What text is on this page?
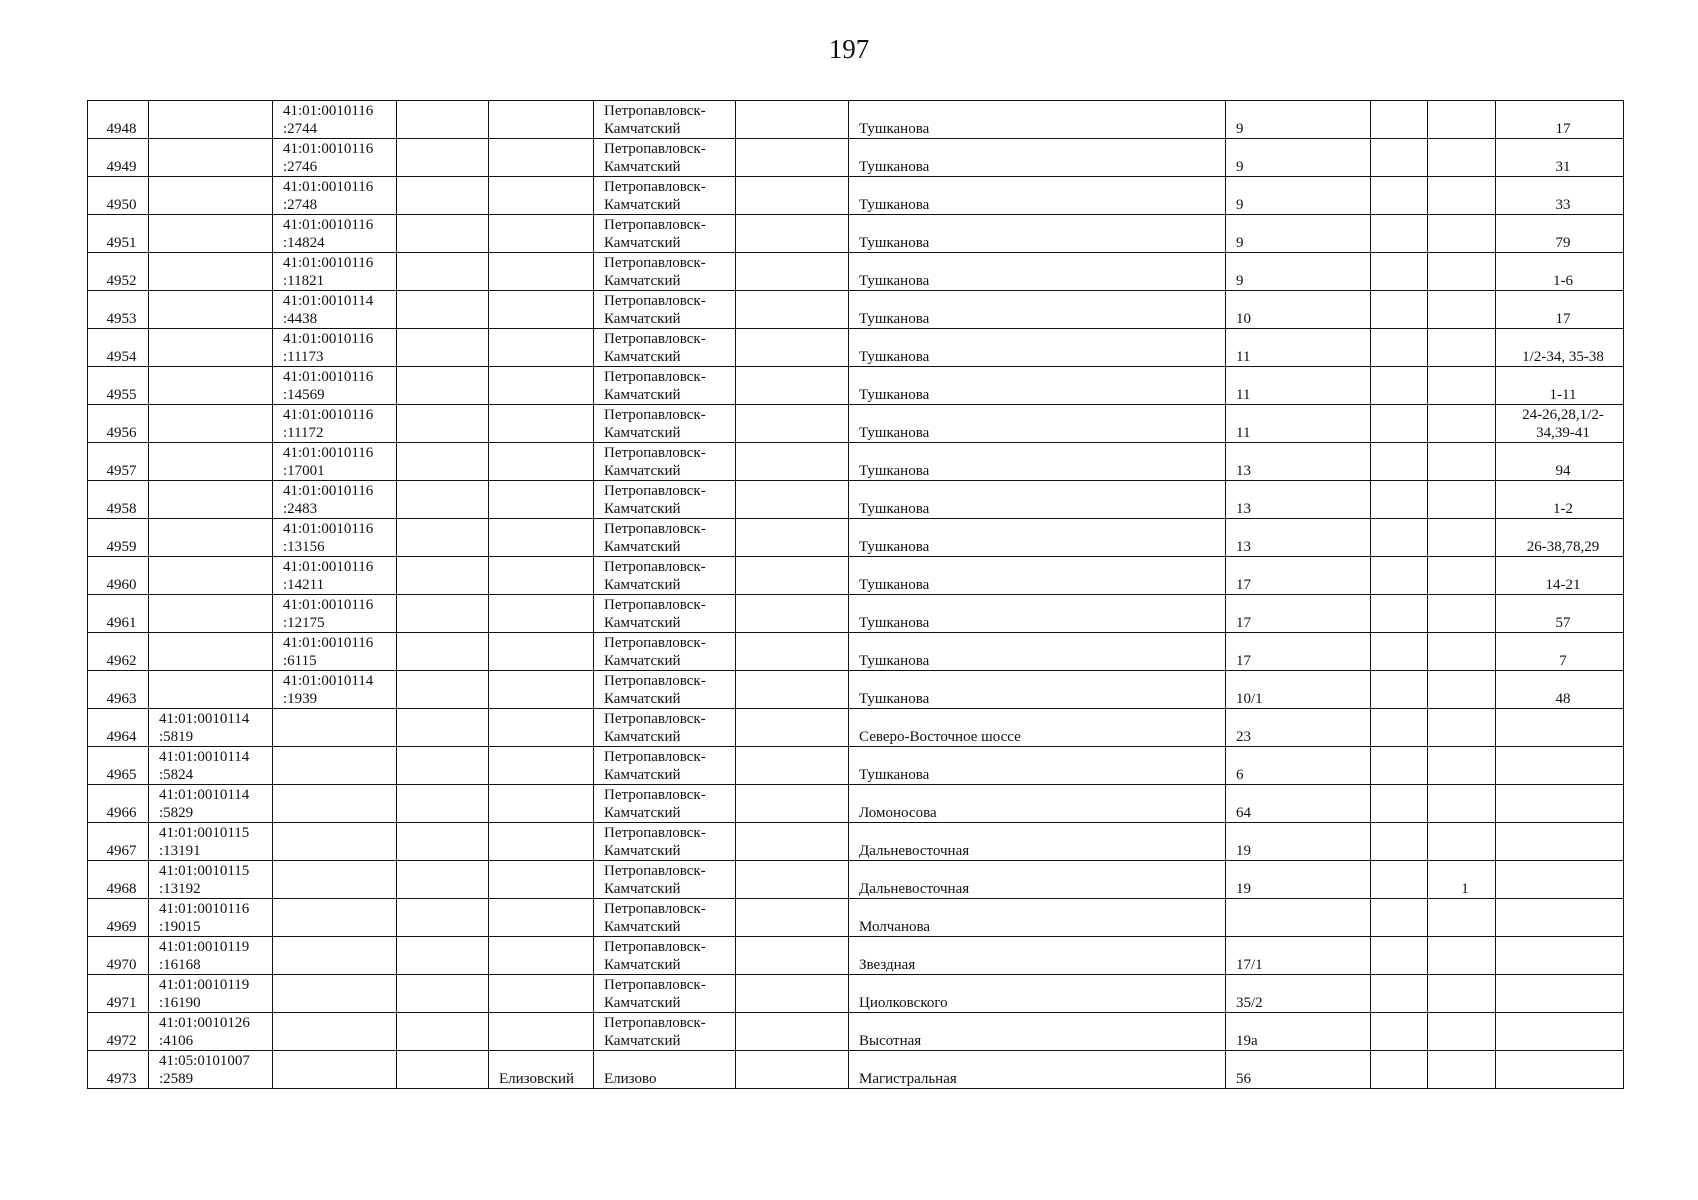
197
4948		41:01:0010116
:2744			Петропавловск-
Камчатский		Тушканова	9			17

4949		41:01:0010116
:2746			Петропавловск-
Камчатский		Тушканова	9			31

4950		41:01:0010116
:2748			Петропавловск-
Камчатский		Тушканова	9			33

4951		41:01:0010116
:14824			Петропавловск-
Камчатский		Тушканова	9			79

4952		41:01:0010116
:11821			Петропавловск-
Камчатский		Тушканова	9			1-6

4953		41:01:0010114
:4438			Петропавловск-
Камчатский		Тушканова	10			17

4954		41:01:0010116
:11173			Петропавловск-
Камчатский		Тушканова	11			1/2-34, 35-38

4955		41:01:0010116
:14569			Петропавловск-
Камчатский		Тушканова	11			1-11

4956		41:01:0010116
:11172			Петропавловск-
Камчатский		Тушканова	11			24-26,28,1/2-
34,39-41

4957		41:01:0010116
:17001			Петропавловск-
Камчатский		Тушканова	13			94

4958		41:01:0010116
:2483			Петропавловск-
Камчатский		Тушканова	13			1-2

4959		41:01:0010116
:13156			Петропавловск-
Камчатский		Тушканова	13			26-38,78,29

4960		41:01:0010116
:14211			Петропавловск-
Камчатский		Тушканова	17			14-21

4961		41:01:0010116
:12175			Петропавловск-
Камчатский		Тушканова	17			57

4962		41:01:0010116
:6115			Петропавловск-
Камчатский		Тушканова	17			7

4963		41:01:0010114
:1939			Петропавловск-
Камчатский		Тушканова	10/1			48

4964	41:01:0010114
:5819				Петропавловск-
Камчатский		Северо-Восточное шоссе	23			

4965	41:01:0010114
:5824				Петропавловск-
Камчатский		Тушканова	6			

4966	41:01:0010114
:5829				Петропавловск-
Камчатский		Ломоносова	64			

4967	41:01:0010115
:13191				Петропавловск-
Камчатский		Дальневосточная	19			

4968	41:01:0010115
:13192				Петропавловск-
Камчатский		Дальневосточная	19		1	

4969	41:01:0010116
:19015				Петропавловск-
Камчатский		Молчанова				

4970	41:01:0010119
:16168				Петропавловск-
Камчатский		Звездная	17/1			

4971	41:01:0010119
:16190				Петропавловск-
Камчатский		Циолковского	35/2			

4972	41:01:0010126
:4106				Петропавловск-
Камчатский		Высотная	19а			

4973	41:05:0101007
:2589			Елизовский	Елизово		Магистральная	56			
